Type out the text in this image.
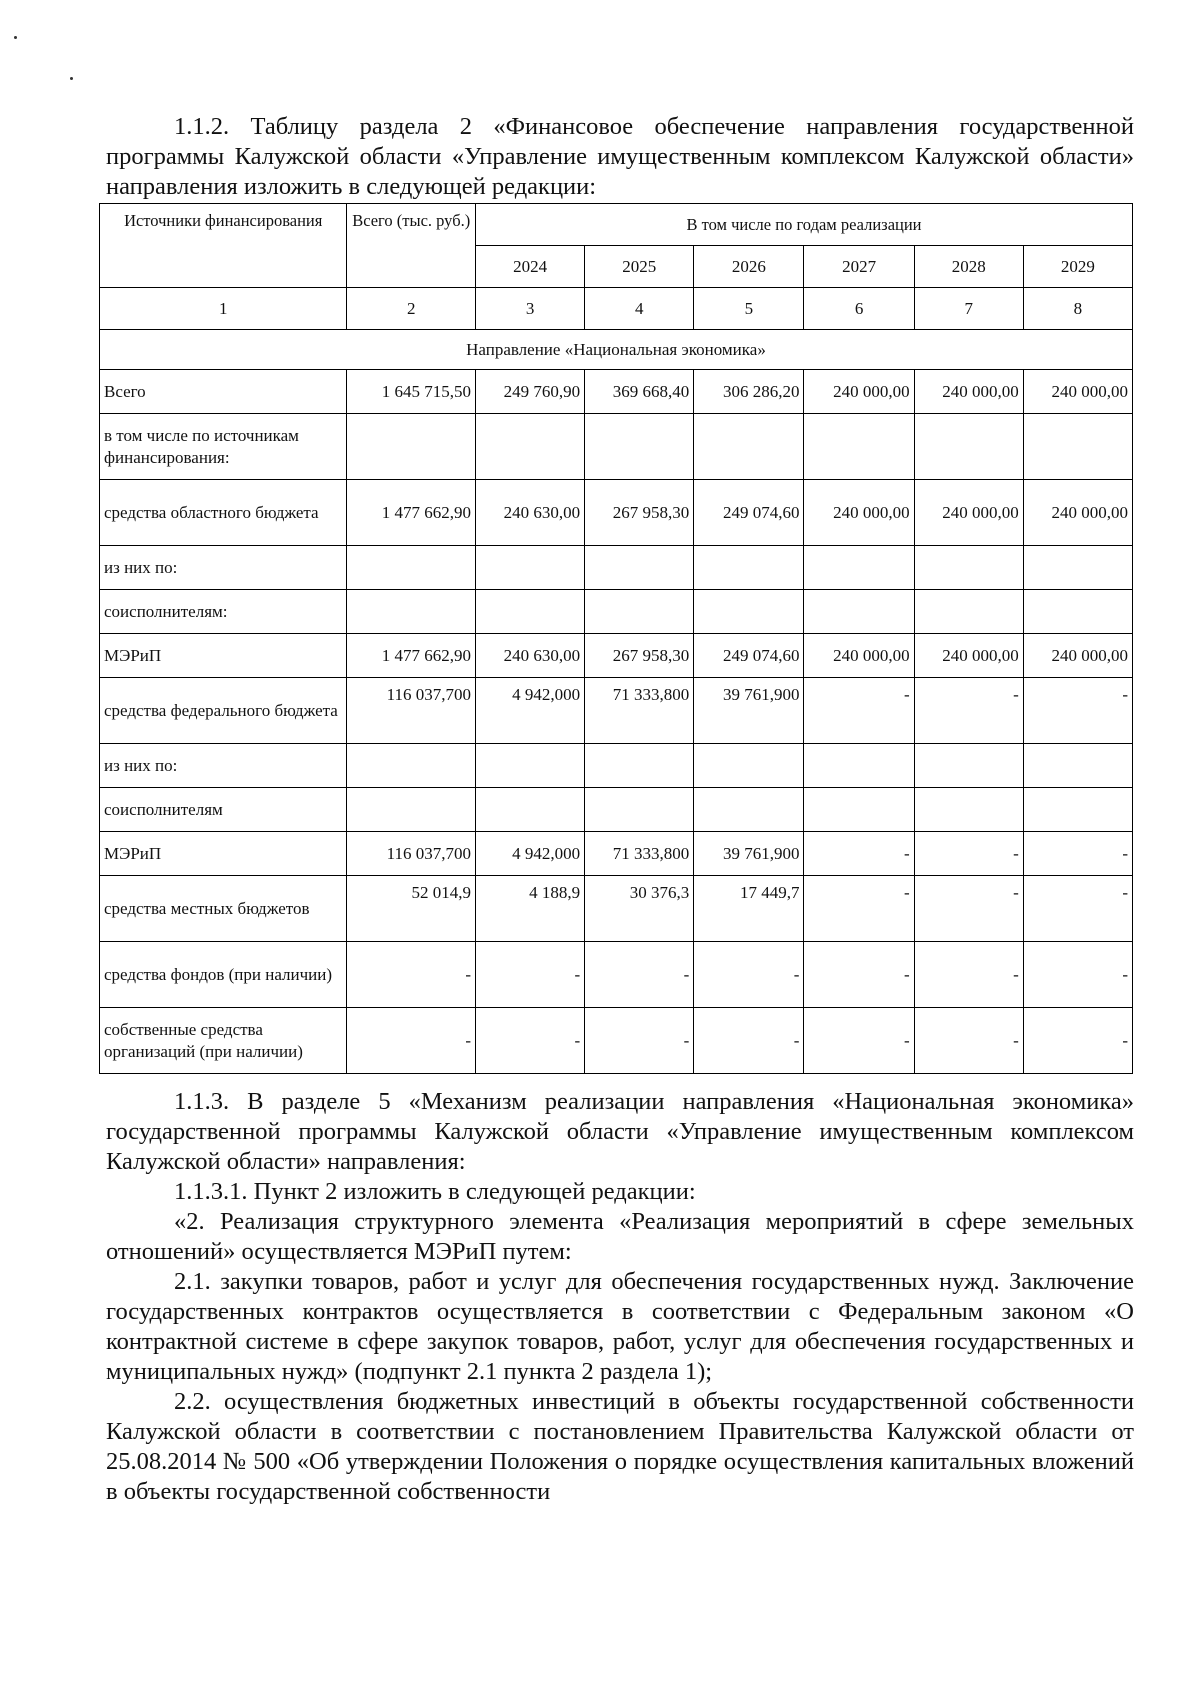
1.1.2. Таблицу раздела 2 «Финансовое обеспечение направления государственной программы Калужской области «Управление имущественным комплексом Калужской области» направления изложить в следующей редакции:

Источники финансирования	Всего (тыс. руб.)	В том числе по годам реализации					
		2024	2025	2026	2027	2028	2029
1	2	3	4	5	6	7	8
Направление «Национальная экономика»							
Всего	1 645 715,50	249 760,90	369 668,40	306 286,20	240 000,00	240 000,00	240 000,00
в том числе по источникам финансирования:							
средства областного бюджета	1 477 662,90	240 630,00	267 958,30	249 074,60	240 000,00	240 000,00	240 000,00
из них по:							
соисполнителям:							
МЭРиП	1 477 662,90	240 630,00	267 958,30	249 074,60	240 000,00	240 000,00	240 000,00
средства федерального бюджета	116 037,700	4 942,000	71 333,800	39 761,900	-	-	-
из них по:							
соисполнителям							
МЭРиП	116 037,700	4 942,000	71 333,800	39 761,900	-	-	-
средства местных бюджетов	52 014,9	4 188,9	30 376,3	17 449,7	-	-	-
средства фондов (при наличии)	-	-	-	-	-	-	-
собственные средства организаций (при наличии)	-	-	-	-	-	-	-

1.1.3. В разделе 5 «Механизм реализации направления «Национальная экономика» государственной программы Калужской области «Управление имущественным комплексом Калужской области» направления:

1.1.3.1. Пункт 2 изложить в следующей редакции:

«2. Реализация структурного элемента «Реализация мероприятий в сфере земельных отношений» осуществляется МЭРиП путем:

2.1. закупки товаров, работ и услуг для обеспечения государственных нужд. Заключение государственных контрактов осуществляется в соответствии с Федеральным законом «О контрактной системе в сфере закупок товаров, работ, услуг для обеспечения государственных и муниципальных нужд» (подпункт 2.1 пункта 2 раздела 1);

2.2. осуществления бюджетных инвестиций в объекты государственной собственности Калужской области в соответствии с постановлением Правительства Калужской области от 25.08.2014 № 500 «Об утверждении Положения о порядке осуществления капитальных вложений в объекты государственной собственности
